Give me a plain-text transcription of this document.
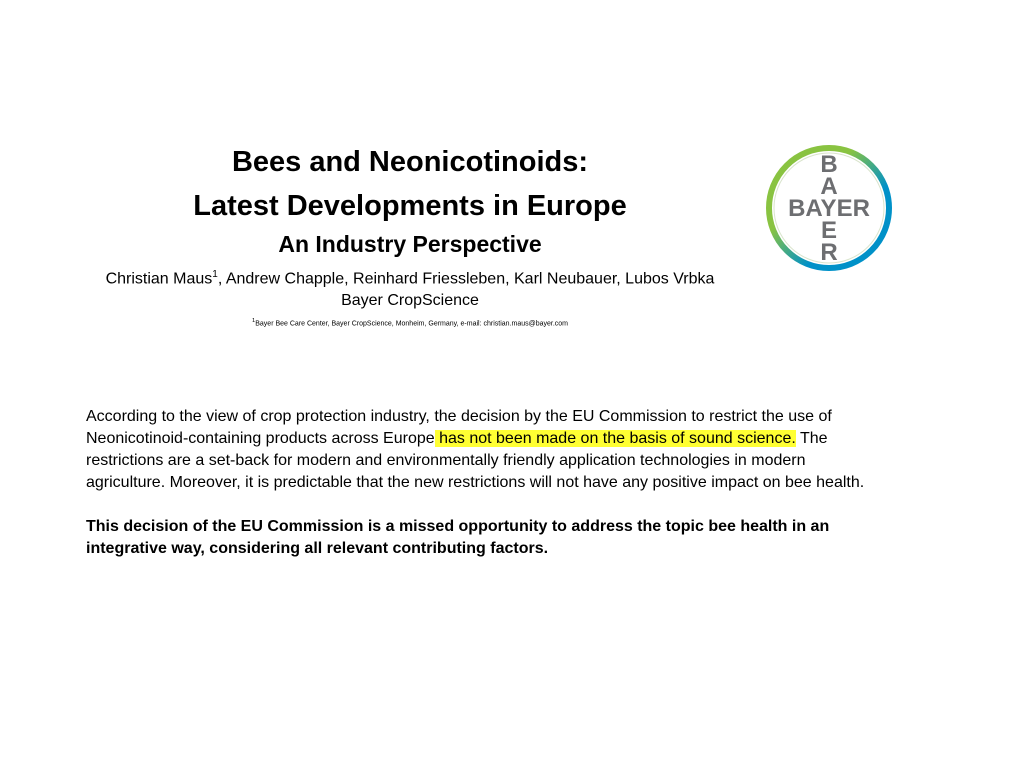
Bees and Neonicotinoids:
Latest Developments in Europe
An Industry Perspective
Christian Maus$^1$, Andrew Chapple, Reinhard Friessleben, Karl Neubauer, Lubos Vrbka
Bayer CropScience
$^1$Bayer Bee Care Center, Bayer CropScience, Monheim, Germany, e-mail: christian.maus@bayer.com
B
A
BAYER
E
R

According to the view of crop protection industry, the decision by the EU Commission to restrict the use of Neonicotinoid-containing products across Europe has not been made on the basis of sound science. The restrictions are a set-back for modern and environmentally friendly application technologies in modern agriculture. Moreover, it is predictable that the new restrictions will not have any positive impact on bee health.

This decision of the EU Commission is a missed opportunity to address the topic bee health in an integrative way, considering all relevant contributing factors.
